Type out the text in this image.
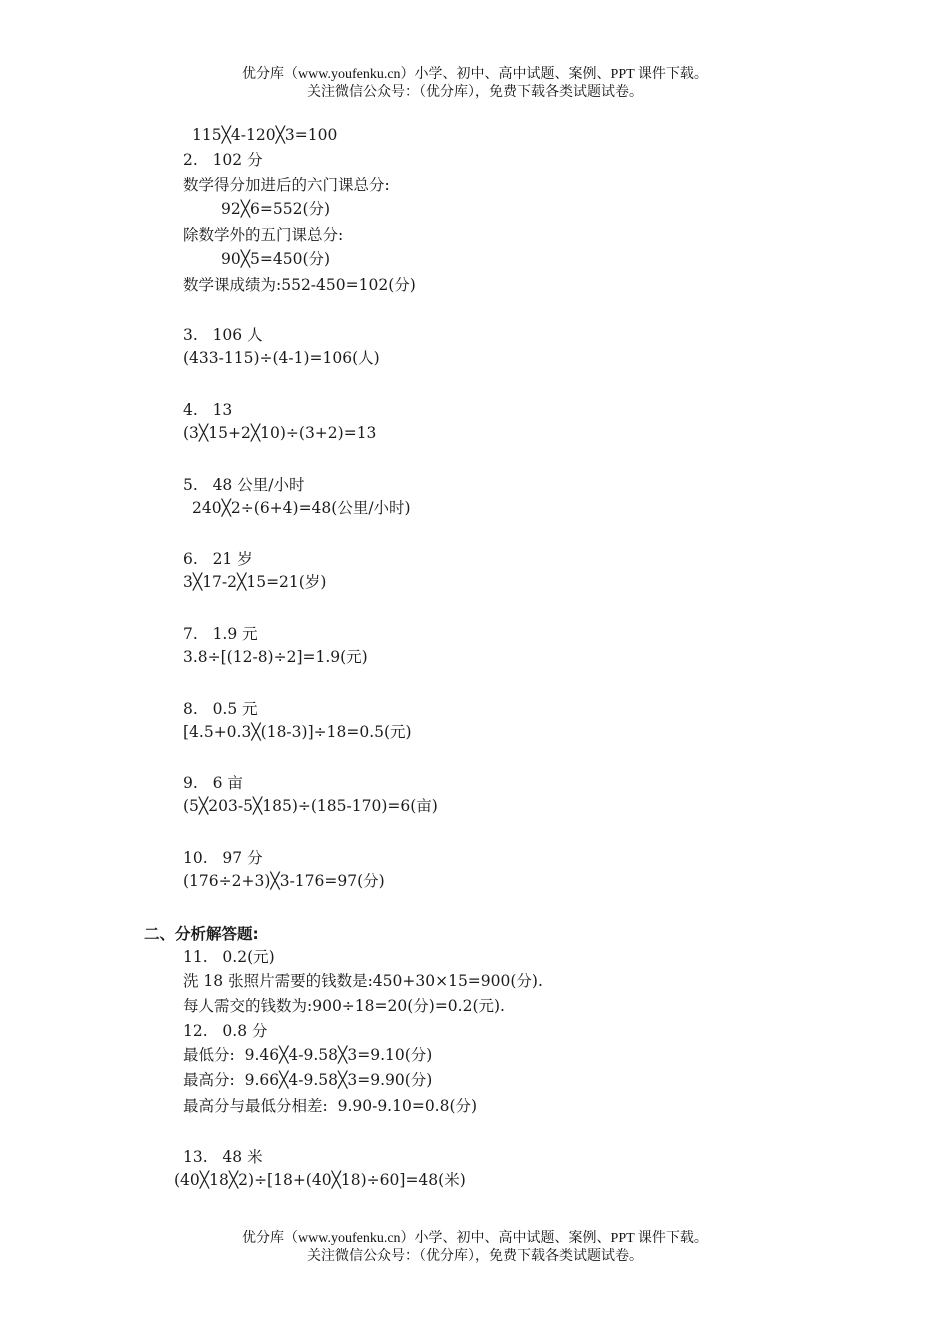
优分库（www.youfenku.cn）小学、初中、高中试题、案例、PPT 课件下载。
关注微信公众号：（优分库），免费下载各类试题试卷。
115╳4-120╳3=100
2.   102 分
数学得分加进后的六门课总分:
92╳6=552(分)
除数学外的五门课总分:
90╳5=450(分)
数学课成绩为:552-450=102(分)
3.   106 人
(433-115)÷(4-1)=106(人)
4.   13
(3╳15+2╳10)÷(3+2)=13
5.   48 公里/小时
240╳2÷(6+4)=48(公里/小时)
6.   21 岁
3╳17-2╳15=21(岁)
7.   1.9 元
3.8÷[(12-8)÷2]=1.9(元)
8.   0.5 元
[4.5+0.3╳(18-3)]÷18=0.5(元)
9.   6 亩
(5╳203-5╳185)÷(185-170)=6(亩)
10.   97 分
(176÷2+3)╳3-176=97(分)
二、分析解答题:
11.   0.2(元)
洗 18 张照片需要的钱数是:450+30×15=900(分).
每人需交的钱数为:900÷18=20(分)=0.2(元).
12.   0.8 分
最低分:  9.46╳4-9.58╳3=9.10(分)
最高分:  9.66╳4-9.58╳3=9.90(分)
最高分与最低分相差:  9.90-9.10=0.8(分)
13.   48 米
(40╳18╳2)÷[18+(40╳18)÷60]=48(米)
优分库（www.youfenku.cn）小学、初中、高中试题、案例、PPT 课件下载。
关注微信公众号：（优分库），免费下载各类试题试卷。
